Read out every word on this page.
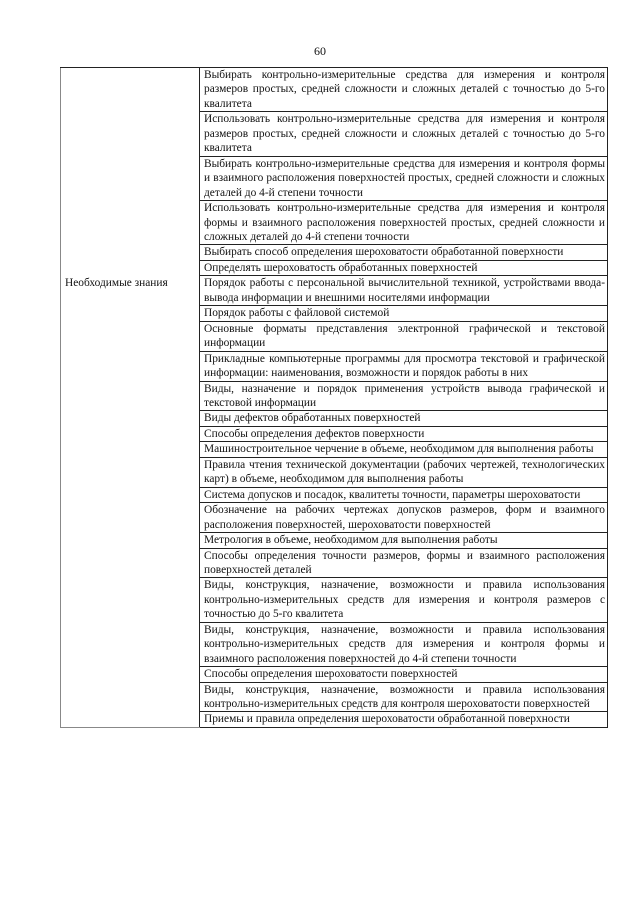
60
	Выбирать контрольно-измерительные средства для измерения и контроля размеров простых, средней сложности и сложных деталей с точностью до 5-го квалитета
	Использовать контрольно-измерительные средства для измерения и контроля размеров простых, средней сложности и сложных деталей с точностью до 5-го квалитета
	Выбирать контрольно-измерительные средства для измерения и контроля формы и взаимного расположения поверхностей простых, средней сложности и сложных деталей до 4-й степени точности
	Использовать контрольно-измерительные средства для измерения и контроля формы и взаимного расположения поверхностей простых, средней сложности и сложных деталей до 4-й степени точности
	Выбирать способ определения шероховатости обработанной поверхности
	Определять шероховатость обработанных поверхностей
Необходимые знания	Порядок работы с персональной вычислительной техникой, устройствами ввода-вывода информации и внешними носителями информации
	Порядок работы с файловой системой
	Основные форматы представления электронной графической и текстовой информации
	Прикладные компьютерные программы для просмотра текстовой и графической информации: наименования, возможности и порядок работы в них
	Виды, назначение и порядок применения устройств вывода графической и текстовой информации
	Виды дефектов обработанных поверхностей
	Способы определения дефектов поверхности
	Машиностроительное черчение в объеме, необходимом для выполнения работы
	Правила чтения технической документации (рабочих чертежей, технологических карт) в объеме, необходимом для выполнения работы
	Система допусков и посадок, квалитеты точности, параметры шероховатости
	Обозначение на рабочих чертежах допусков размеров, форм и взаимного расположения поверхностей, шероховатости поверхностей
	Метрология в объеме, необходимом для выполнения работы
	Способы определения точности размеров, формы и взаимного расположения поверхностей деталей
	Виды, конструкция, назначение, возможности и правила использования контрольно-измерительных средств для измерения и контроля размеров с точностью до 5-го квалитета
	Виды, конструкция, назначение, возможности и правила использования контрольно-измерительных средств для измерения и контроля формы и взаимного расположения поверхностей до 4-й степени точности
	Способы определения шероховатости поверхностей
	Виды, конструкция, назначение, возможности и правила использования контрольно-измерительных средств для контроля шероховатости поверхностей
	Приемы и правила определения шероховатости обработанной поверхности
